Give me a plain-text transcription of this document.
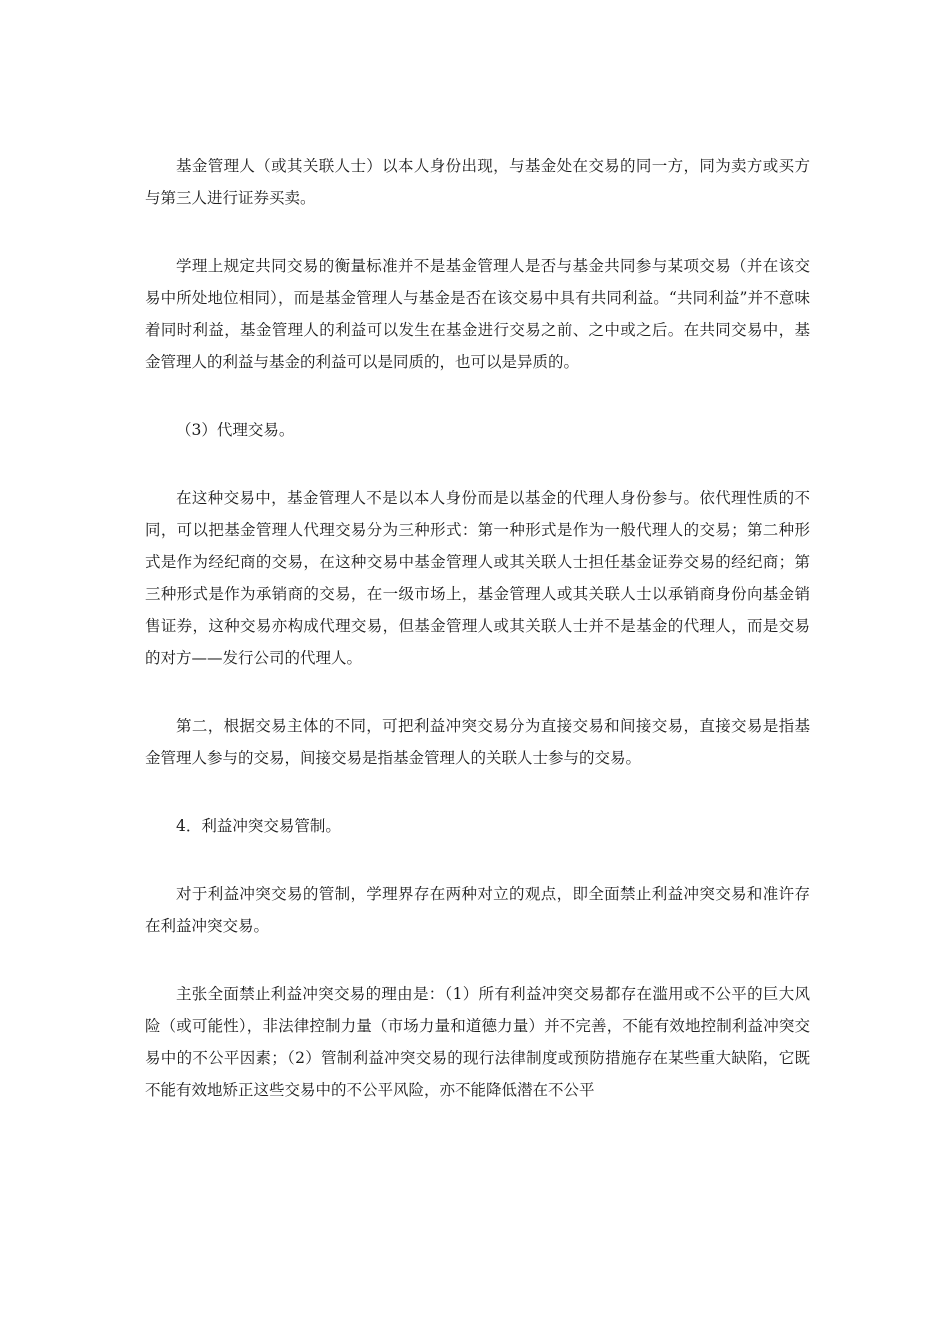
基金管理人（或其关联人士）以本人身份出现，与基金处在交易的同一方，同为卖方或买方与第三人进行证券买卖。

学理上规定共同交易的衡量标准并不是基金管理人是否与基金共同参与某项交易（并在该交易中所处地位相同），而是基金管理人与基金是否在该交易中具有共同利益。“共同利益”并不意味着同时利益，基金管理人的利益可以发生在基金进行交易之前、之中或之后。在共同交易中，基金管理人的利益与基金的利益可以是同质的，也可以是异质的。

（3）代理交易。

在这种交易中，基金管理人不是以本人身份而是以基金的代理人身份参与。依代理性质的不同，可以把基金管理人代理交易分为三种形式：第一种形式是作为一般代理人的交易；第二种形式是作为经纪商的交易，在这种交易中基金管理人或其关联人士担任基金证券交易的经纪商；第三种形式是作为承销商的交易，在一级市场上，基金管理人或其关联人士以承销商身份向基金销售证券，这种交易亦构成代理交易，但基金管理人或其关联人士并不是基金的代理人，而是交易的对方——发行公司的代理人。

第二，根据交易主体的不同，可把利益冲突交易分为直接交易和间接交易，直接交易是指基金管理人参与的交易，间接交易是指基金管理人的关联人士参与的交易。

4．利益冲突交易管制。

对于利益冲突交易的管制，学理界存在两种对立的观点，即全面禁止利益冲突交易和准许存在利益冲突交易。

主张全面禁止利益冲突交易的理由是：（1）所有利益冲突交易都存在滥用或不公平的巨大风险（或可能性），非法律控制力量（市场力量和道德力量）并不完善，不能有效地控制利益冲突交易中的不公平因素；（2）管制利益冲突交易的现行法律制度或预防措施存在某些重大缺陷，它既不能有效地矫正这些交易中的不公平风险，亦不能降低潜在不公平
